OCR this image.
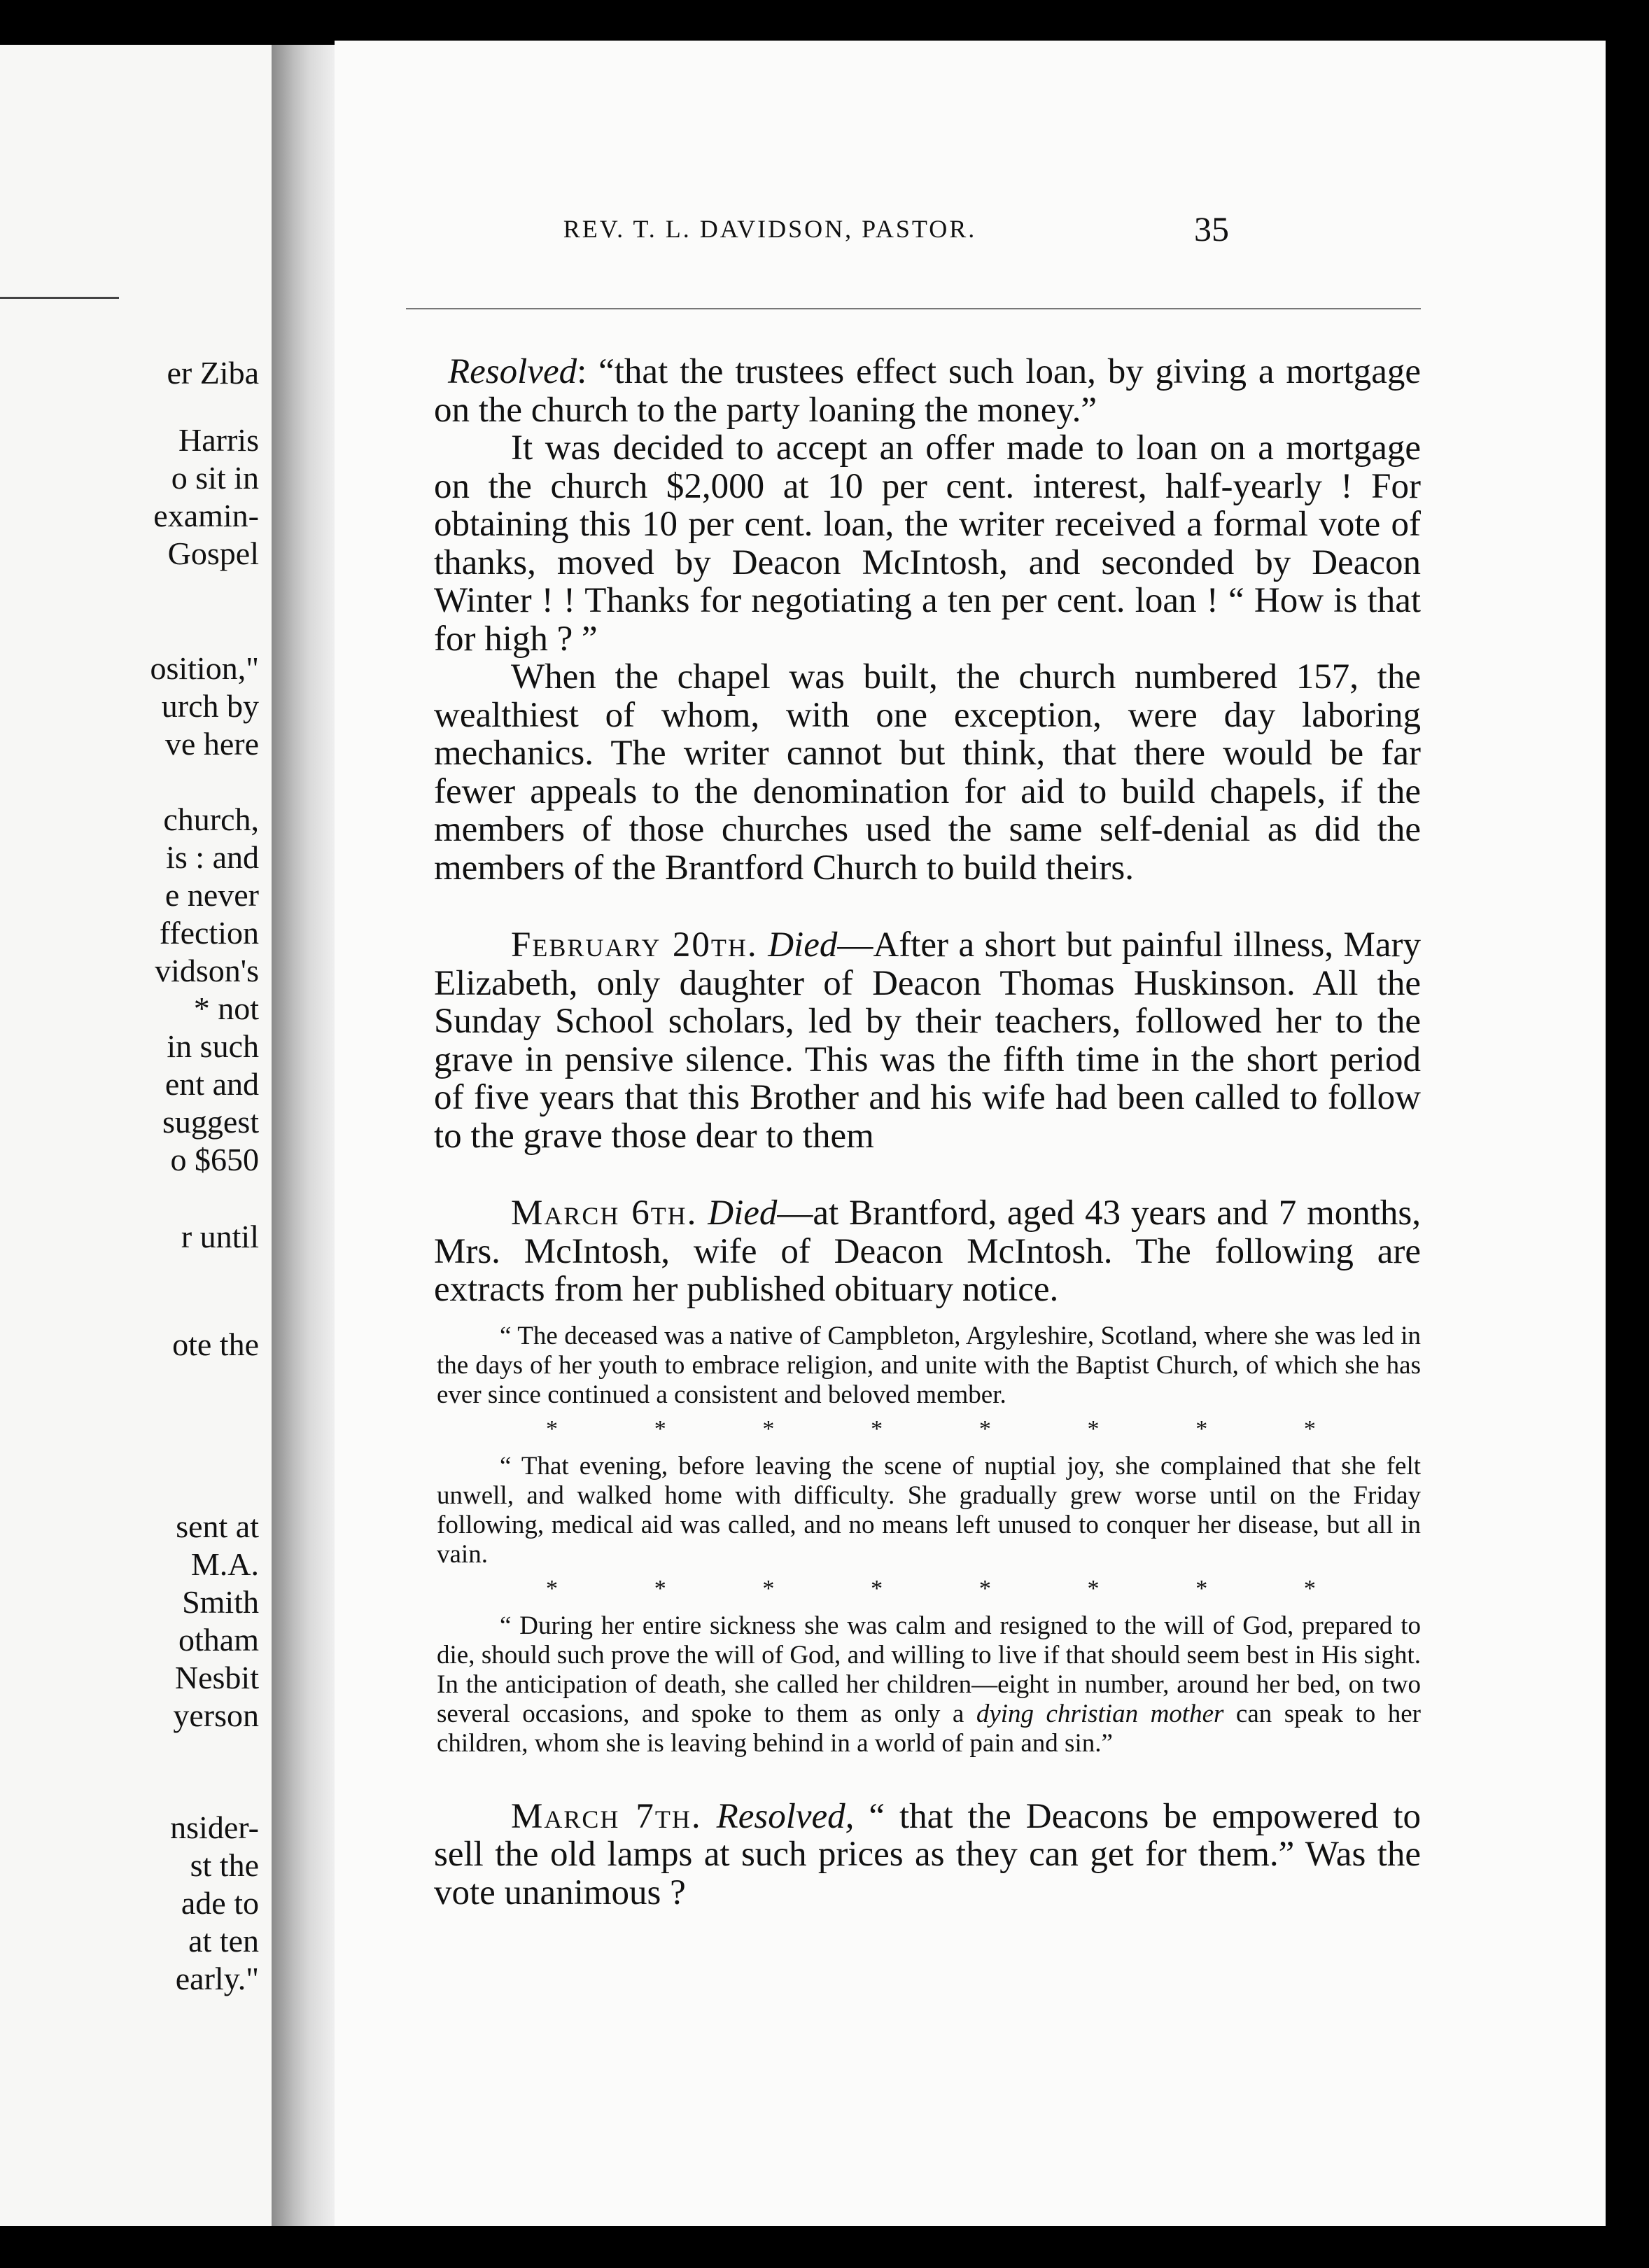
er Ziba
Harris
o sit in
examin-
Gospel
osition,"
urch by
ve here
church,
is : and
e never
ffection
vidson's
* not
in such
ent and
suggest
o $650
r until
ote the
sent at
M.A.
Smith
otham
Nesbit
yerson
nsider-
st the
ade to
at ten
early."
REV. T. L. DAVIDSON, PASTOR.	35

Resolved: “that the trustees effect such loan, by giving a mortgage on the church to the party loaning the money.”

It was decided to accept an offer made to loan on a mortgage on the church $2,000 at 10 per cent. interest, half-yearly ! For obtaining this 10 per cent. loan, the writer received a formal vote of thanks, moved by Deacon McIntosh, and seconded by Deacon Winter ! ! Thanks for negotiating a ten per cent. loan ! “ How is that for high ? ”

When the chapel was built, the church numbered 157, the wealthiest of whom, with one exception, were day laboring mechanics. The writer cannot but think, that there would be far fewer appeals to the denomination for aid to build chapels, if the members of those churches used the same self-denial as did the members of the Brantford Church to build theirs.

February 20th. Died—After a short but painful illness, Mary Elizabeth, only daughter of Deacon Thomas Huskinson. All the Sunday School scholars, led by their teachers, followed her to the grave in pensive silence. This was the fifth time in the short period of five years that this Brother and his wife had been called to follow to the grave those dear to them

March 6th. Died—at Brantford, aged 43 years and 7 months, Mrs. McIntosh, wife of Deacon McIntosh. The following are extracts from her published obituary notice.

“ The deceased was a native of Campbleton, Argyleshire, Scotland, where she was led in the days of her youth to embrace religion, and unite with the Baptist Church, of which she has ever since continued a consistent and beloved member.

*	*	*	*	*	*	*	*

“ That evening, before leaving the scene of nuptial joy, she complained that she felt unwell, and walked home with difficulty. She gradually grew worse until on the Friday following, medical aid was called, and no means left unused to conquer her disease, but all in vain.

*	*	*	*	*	*	*	*

“ During her entire sickness she was calm and resigned to the will of God, prepared to die, should such prove the will of God, and willing to live if that should seem best in His sight. In the anticipation of death, she called her children—eight in number, around her bed, on two several occasions, and spoke to them as only a dying christian mother can speak to her children, whom she is leaving behind in a world of pain and sin.”

March 7th. Resolved, “ that the Deacons be empowered to sell the old lamps at such prices as they can get for them.” Was the vote unanimous ?
